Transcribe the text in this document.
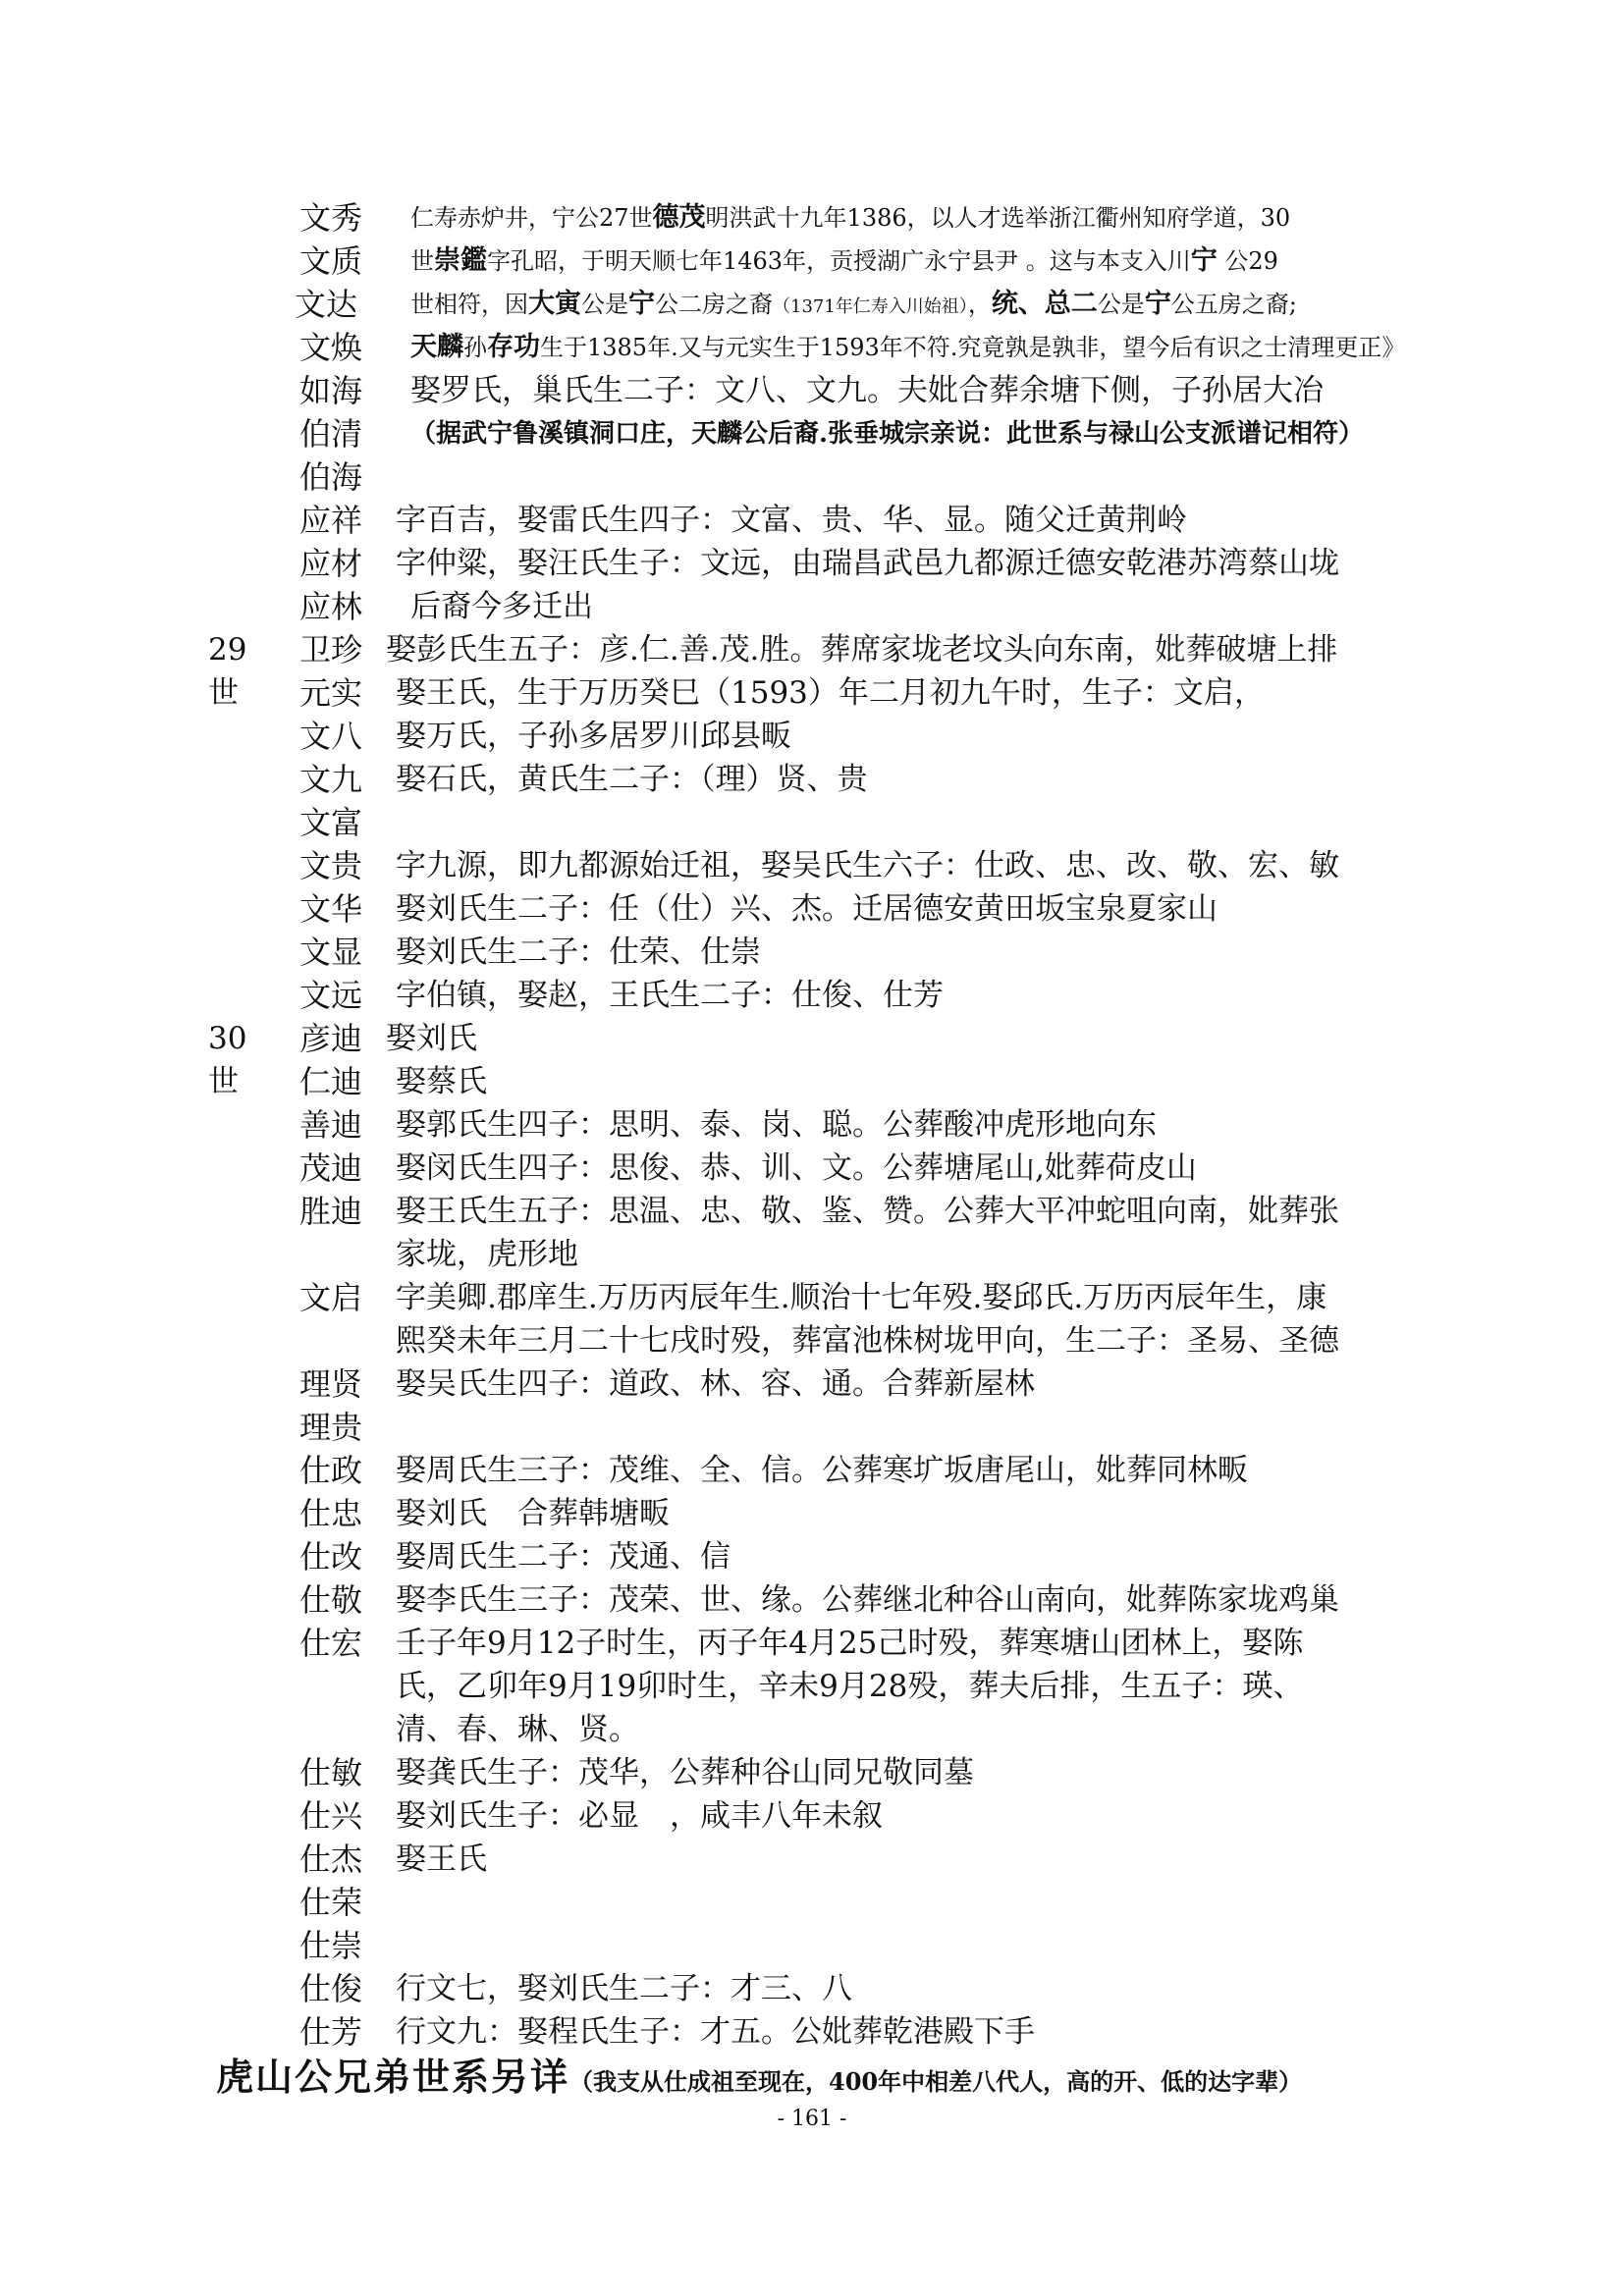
文秀	仁寿赤炉井，宁公27世德茂明洪武十九年1386，以人才选举浙江衢州知府学道，30
文质	世崇鑑字孔昭，于明天顺七年1463年，贡授湖广永宁县尹 。这与本支入川宁 公29
文达	世相符，因大寅公是宁公二房之裔（1371年仁寿入川始祖），统、总二公是宁公五房之裔;
文焕	天麟孙存功生于1385年.又与元实生于1593年不符.究竟孰是孰非，望今后有识之士清理更正》
如海	娶罗氏，巢氏生二子：文八、文九。夫妣合葬余塘下侧，子孙居大冶
伯清	（据武宁鲁溪镇洞口庄，天麟公后裔.张垂城宗亲说：此世系与禄山公支派谱记相符）
伯海
应祥	字百吉，娶雷氏生四子：文富、贵、华、显。随父迁黄荆岭
应材	字仲粱，娶汪氏生子：文远，由瑞昌武邑九都源迁德安乾港苏湾蔡山垅
应林	后裔今多迁出
29 世
卫珍 娶彭氏生五子：彦.仁.善.茂.胜。葬席家垅老坟头向东南，妣葬破塘上排
元实	娶王氏，生于万历癸巳（1593）年二月初九午时，生子：文启，
文八	娶万氏，子孙多居罗川邱县畈
文九	娶石氏，黄氏生二子：（理）贤、贵
文富
文贵	字九源，即九都源始迁祖，娶吴氏生六子：仕政、忠、改、敬、宏、敏
文华	娶刘氏生二子：任（仕）兴、杰。迁居德安黄田坂宝泉夏家山
文显	娶刘氏生二子：仕荣、仕崇
文远	字伯镇，娶赵，王氏生二子：仕俊、仕芳
30 世
彦迪 娶刘氏
仁迪	娶蔡氏
善迪	娶郭氏生四子：思明、泰、岗、聪。公葬酸冲虎形地向东
茂迪	娶闵氏生四子：思俊、恭、训、文。公葬塘尾山,妣葬荷皮山
胜迪	娶王氏生五子：思温、忠、敬、鉴、赞。公葬大平冲蛇咀向南，妣葬张
家垅，虎形地
文启	字美卿.郡庠生.万历丙辰年生.顺治十七年殁.娶邱氏.万历丙辰年生，康
熙癸未年三月二十七戌时殁，葬富池株树垅甲向，生二子：圣易、圣德
理贤	娶吴氏生四子：道政、林、容、通。合葬新屋林
理贵
仕政	娶周氏生三子：茂维、全、信。公葬寒圹坂唐尾山，妣葬同林畈
仕忠	娶刘氏　合葬韩塘畈
仕改	娶周氏生二子：茂通、信
仕敬	娶李氏生三子：茂荣、世、缘。公葬继北种谷山南向，妣葬陈家垅鸡巢
仕宏	壬子年9月12子时生，丙子年4月25己时殁，葬寒塘山团林上，娶陈
氏，乙卯年9月19卯时生，辛未9月28殁，葬夫后排，生五子：瑛、
清、春、琳、贤。
仕敏	娶龚氏生子：茂华，公葬种谷山同兄敬同墓
仕兴	娶刘氏生子：必显　，咸丰八年未叙
仕杰	娶王氏
仕荣
仕崇
仕俊	行文七，娶刘氏生二子：才三、八
仕芳	行文九：娶程氏生子：才五。公妣葬乾港殿下手
虎山公兄弟世系另详（我支从仕成祖至现在，400年中相差八代人，高的开、低的达字辈）
- 161 -
